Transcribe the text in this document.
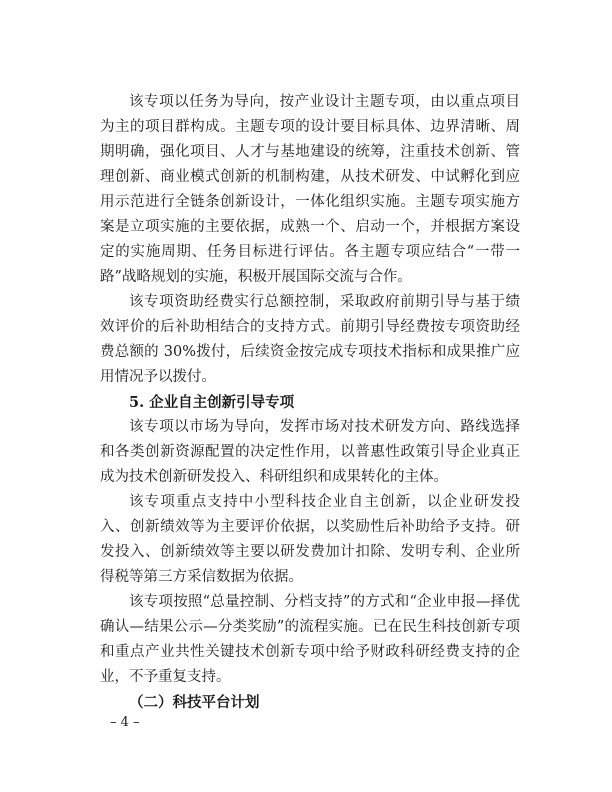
该专项以任务为导向，按产业设计主题专项，由以重点项目为主的项目群构成。主题专项的设计要目标具体、边界清晰、周期明确，强化项目、人才与基地建设的统筹，注重技术创新、管理创新、商业模式创新的机制构建，从技术研发、中试孵化到应用示范进行全链条创新设计，一体化组织实施。主题专项实施方案是立项实施的主要依据，成熟一个、启动一个，并根据方案设定的实施周期、任务目标进行评估。各主题专项应结合“一带一路”战略规划的实施，积极开展国际交流与合作。

该专项资助经费实行总额控制，采取政府前期引导与基于绩效评价的后补助相结合的支持方式。前期引导经费按专项资助经费总额的 30%拨付，后续资金按完成专项技术指标和成果推广应用情况予以拨付。

5. 企业自主创新引导专项

该专项以市场为导向，发挥市场对技术研发方向、路线选择和各类创新资源配置的决定性作用，以普惠性政策引导企业真正成为技术创新研发投入、科研组织和成果转化的主体。

该专项重点支持中小型科技企业自主创新，以企业研发投入、创新绩效等为主要评价依据，以奖励性后补助给予支持。研发投入、创新绩效等主要以研发费加计扣除、发明专利、企业所得税等第三方采信数据为依据。

该专项按照“总量控制、分档支持”的方式和“企业申报—择优确认—结果公示—分类奖励”的流程实施。已在民生科技创新专项和重点产业共性关键技术创新专项中给予财政科研经费支持的企业，不予重复支持。

（二）科技平台计划
– 4 –
